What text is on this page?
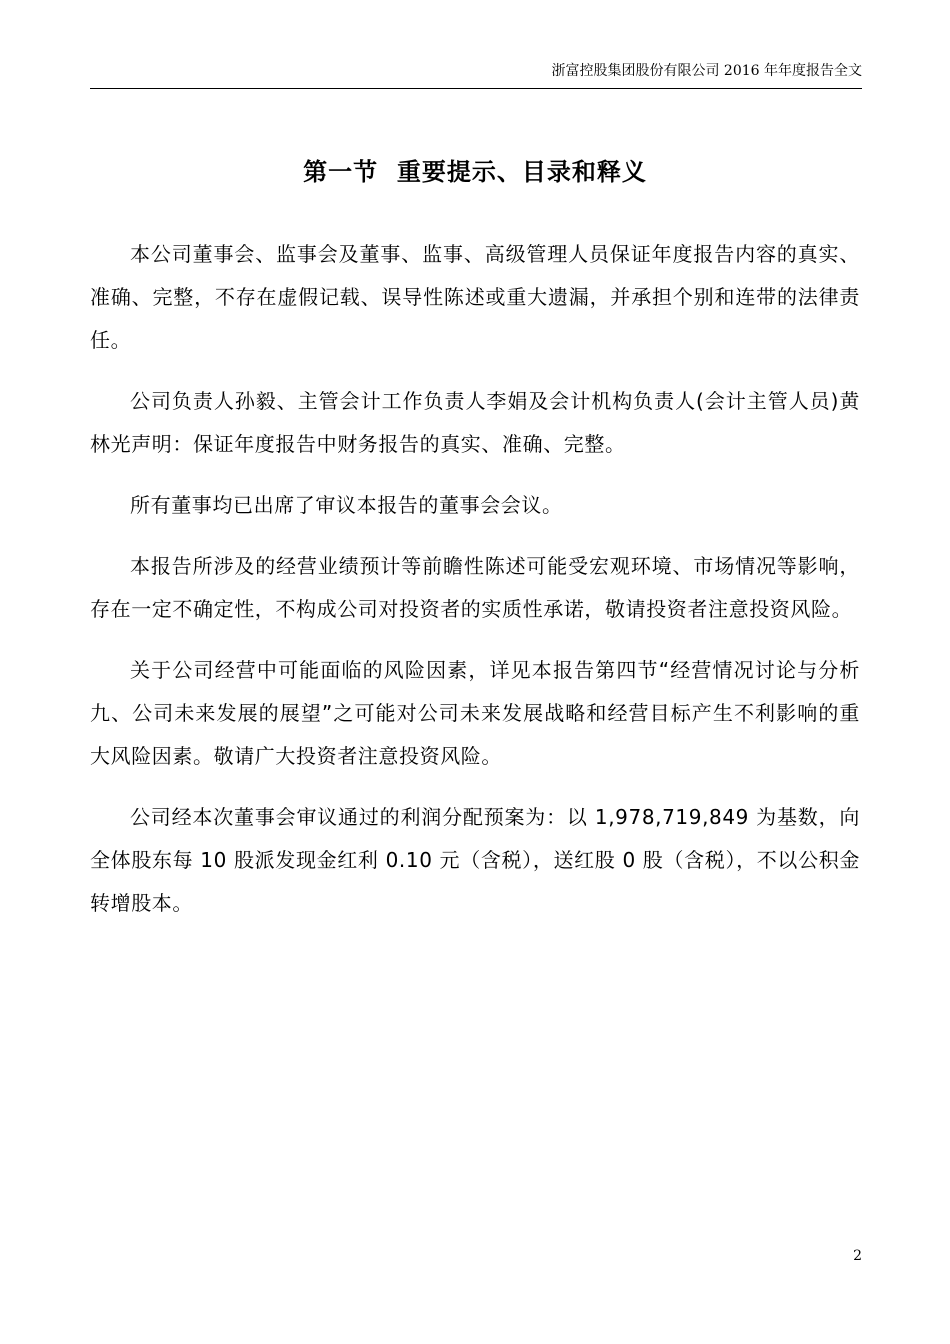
浙富控股集团股份有限公司 2016 年年度报告全文
第一节  重要提示、目录和释义

本公司董事会、监事会及董事、监事、高级管理人员保证年度报告内容的真实、准确、完整，不存在虚假记载、误导性陈述或重大遗漏，并承担个别和连带的法律责任。

公司负责人孙毅、主管会计工作负责人李娟及会计机构负责人(会计主管人员)黄林光声明：保证年度报告中财务报告的真实、准确、完整。

所有董事均已出席了审议本报告的董事会会议。

本报告所涉及的经营业绩预计等前瞻性陈述可能受宏观环境、市场情况等影响，存在一定不确定性，不构成公司对投资者的实质性承诺，敬请投资者注意投资风险。

关于公司经营中可能面临的风险因素，详见本报告第四节“经营情况讨论与分析  九、公司未来发展的展望”之可能对公司未来发展战略和经营目标产生不利影响的重大风险因素。敬请广大投资者注意投资风险。

公司经本次董事会审议通过的利润分配预案为：以 1,978,719,849 为基数，向全体股东每 10 股派发现金红利 0.10 元（含税），送红股 0 股（含税），不以公积金转增股本。

2
